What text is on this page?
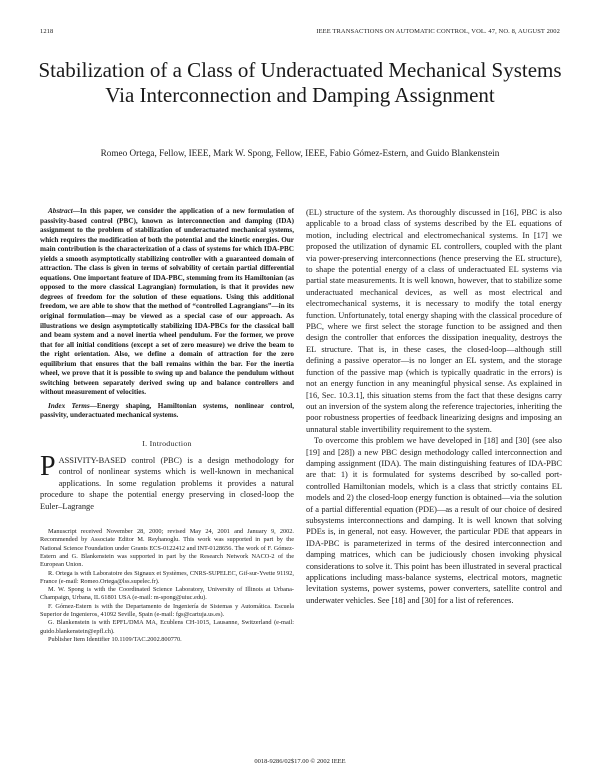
1218	IEEE TRANSACTIONS ON AUTOMATIC CONTROL, VOL. 47, NO. 8, AUGUST 2002
Stabilization of a Class of Underactuated Mechanical Systems Via Interconnection and Damping Assignment
Romeo Ortega, Fellow, IEEE, Mark W. Spong, Fellow, IEEE, Fabio Gómez-Estern, and Guido Blankenstein

Abstract—In this paper, we consider the application of a new formulation of passivity-based control (PBC), known as interconnection and damping (IDA) assignment to the problem of stabilization of underactuated mechanical systems, which requires the modification of both the potential and the kinetic energies. Our main contribution is the characterization of a class of systems for which IDA-PBC yields a smooth asymptotically stabilizing controller with a guaranteed domain of attraction. The class is given in terms of solvability of certain partial differential equations. One important feature of IDA-PBC, stemming from its Hamiltonian (as opposed to the more classical Lagrangian) formulation, is that it provides new degrees of freedom for the solution of these equations. Using this additional freedom, we are able to show that the method of “controlled Lagrangians”—in its original formulation—may be viewed as a special case of our approach. As illustrations we design asymptotically stabilizing IDA-PBCs for the classical ball and beam system and a novel inertia wheel pendulum. For the former, we prove that for all initial conditions (except a set of zero measure) we drive the beam to the right orientation. Also, we define a domain of attraction for the zero equilibrium that ensures that the ball remains within the bar. For the inertia wheel, we prove that it is possible to swing up and balance the pendulum without switching between separately derived swing up and balance controllers and without measurement of velocities.

Index Terms—Energy shaping, Hamiltonian systems, nonlinear control, passivity, underactuated mechanical systems.

I. Introduction

PASSIVITY-BASED control (PBC) is a design methodology for control of nonlinear systems which is well-known in mechanical applications. In some regulation problems it provides a natural procedure to shape the potential energy preserving in closed-loop the Euler–Lagrange

Manuscript received November 28, 2000; revised May 24, 2001 and January 9, 2002. Recommended by Associate Editor M. Reyhanoglu. This work was supported in part by the National Science Foundation under Grants ECS-0122412 and INT-0128656. The work of F. Gómez-Estern and G. Blankenstein was supported in part by the Research Network NACO-2 of the European Union.

R. Ortega is with Laboratoire des Signaux et Systèmes, CNRS-SUPELEC, Gif-sur-Yvette 91192, France (e-mail: Romeo.Ortega@lss.supelec.fr).

M. W. Spong is with the Coordinated Science Laboratory, University of Illinois at Urbana-Champaign, Urbana, IL 61801 USA (e-mail: m-spong@uiuc.edu).

F. Gómez-Estern is with the Departamento de Ingeniería de Sistemas y Automática. Escuela Superior de Ingenieros, 41092 Seville, Spain (e-mail: fgs@cartuja.us.es).

G. Blankenstein is with EPFL/DMA MA, Ecublens CH-1015, Lausanne, Switzerland (e-mail: guido.blankenstein@epfl.ch).

Publisher Item Identifier 10.1109/TAC.2002.800770.

(EL) structure of the system. As thoroughly discussed in [16], PBC is also applicable to a broad class of systems described by the EL equations of motion, including electrical and electromechanical systems. In [17] we proposed the utilization of dynamic EL controllers, coupled with the plant via power-preserving interconnections (hence preserving the EL structure), to shape the potential energy of a class of underactuated EL systems via partial state measurements. It is well known, however, that to stabilize some underactuated mechanical devices, as well as most electrical and electromechanical systems, it is necessary to modify the total energy function. Unfortunately, total energy shaping with the classical procedure of PBC, where we first select the storage function to be assigned and then design the controller that enforces the dissipation inequality, destroys the EL structure. That is, in these cases, the closed-loop—although still defining a passive operator—is no longer an EL system, and the storage function of the passive map (which is typically quadratic in the errors) is not an energy function in any meaningful physical sense. As explained in [16, Sec. 10.3.1], this situation stems from the fact that these designs carry out an inversion of the system along the reference trajectories, inheriting the poor robustness properties of feedback linearizing designs and imposing an unnatural stable invertibility requirement to the system.

To overcome this problem we have developed in [18] and [30] (see also [19] and [28]) a new PBC design methodology called interconnection and damping assignment (IDA). The main distinguishing features of IDA-PBC are that: 1) it is formulated for systems described by so-called port-controlled Hamiltonian models, which is a class that strictly contains EL models and 2) the closed-loop energy function is obtained—via the solution of a partial differential equation (PDE)—as a result of our choice of desired subsystems interconnections and damping. It is well known that solving PDEs is, in general, not easy. However, the particular PDE that appears in IDA-PBC is parameterized in terms of the desired interconnection and damping matrices, which can be judiciously chosen invoking physical considerations to solve it. This point has been illustrated in several practical applications including mass-balance systems, electrical motors, magnetic levitation systems, power systems, power converters, satellite control and underwater vehicles. See [18] and [30] for a list of references.

0018-9286/02$17.00 © 2002 IEEE
